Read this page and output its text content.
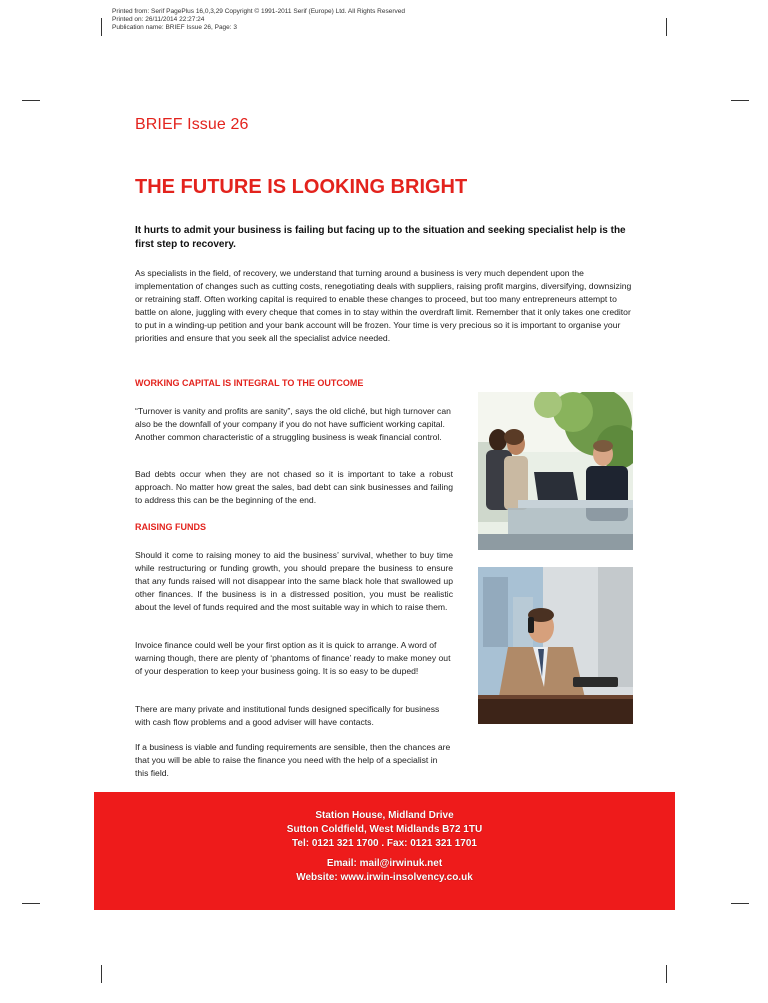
Printed from: Serif PagePlus 16,0,3,29 Copyright © 1991-2011 Serif (Europe) Ltd. All Rights Reserved
Printed on: 26/11/2014 22:27:24
Publication name: BRIEF Issue 26, Page: 3
BRIEF Issue 26
THE FUTURE IS LOOKING BRIGHT

It hurts to admit your business is failing but facing up to the situation and seeking specialist help is the first step to recovery.

As specialists in the field, of recovery, we understand that turning around a business is very much dependent upon the implementation of changes such as cutting costs, renegotiating deals with suppliers, raising profit margins, diversifying, downsizing or retraining staff. Often working capital is required to enable these changes to proceed, but too many entrepreneurs attempt to battle on alone, juggling with every cheque that comes in to stay within the overdraft limit. Remember that it only takes one creditor to put in a winding-up petition and your bank account will be frozen. Your time is very precious so it is important to organise your priorities and ensure that you seek all the specialist advice needed.

WORKING CAPITAL IS INTEGRAL TO THE OUTCOME

“Turnover is vanity and profits are sanity”, says the old cliché, but high turnover can also be the downfall of your company if you do not have sufficient working capital. Another common characteristic of a struggling business is weak financial control.

Bad debts occur when they are not chased so it is important to take a robust approach. No matter how great the sales, bad debt can sink businesses and failing to address this can be the beginning of the end.

RAISING FUNDS

Should it come to raising money to aid the business’ survival, whether to buy time while restructuring or funding growth, you should prepare the business to ensure that any funds raised will not disappear into the same black hole that swallowed up other finances. If the business is in a distressed position, you must be realistic about the level of funds required and the most suitable way in which to raise them.

Invoice finance could well be your first option as it is quick to arrange. A word of warning though, there are plenty of ‘phantoms of finance’ ready to make money out of your desperation to keep your business going. It is so easy to be duped!

There are many private and institutional funds designed specifically for business with cash flow problems and a good adviser will have contacts.

If a business is viable and funding requirements are sensible, then the chances are that you will be able to raise the finance you need with the help of a specialist in this field.

Station House, Midland Drive
Sutton Coldfield, West Midlands B72 1TU
Tel: 0121 321 1700 . Fax: 0121 321 1701
Email: mail@irwinuk.net
Website: www.irwin-insolvency.co.uk
